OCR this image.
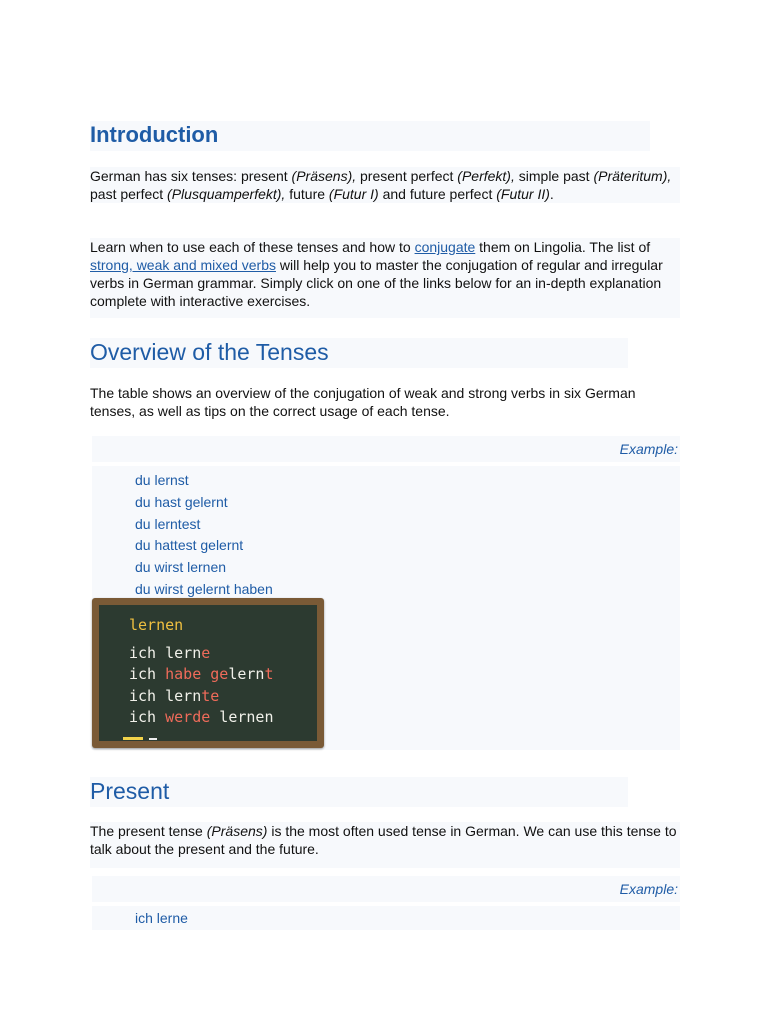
Introduction

German has six tenses: present (Präsens), present perfect (Perfekt), simple past (Präteritum), past perfect (Plusquamperfekt), future (Futur I) and future perfect (Futur II).

Learn when to use each of these tenses and how to conjugate them on Lingolia. The list of strong, weak and mixed verbs will help you to master the conjugation of regular and irregular verbs in German grammar. Simply click on one of the links below for an in-depth explanation complete with interactive exercises.

Overview of the Tenses

The table shows an overview of the conjugation of weak and strong verbs in six German tenses, as well as tips on the correct usage of each tense.

Example:
du lernst
du hast gelernt
du lerntest
du hattest gelernt
du wirst lernen
du wirst gelernt haben
lernen
ich lerne
ich habe gelernt
ich lernte
ich werde lernen
Present

The present tense (Präsens) is the most often used tense in German. We can use this tense to talk about the present and the future.

Example:
ich lerne
